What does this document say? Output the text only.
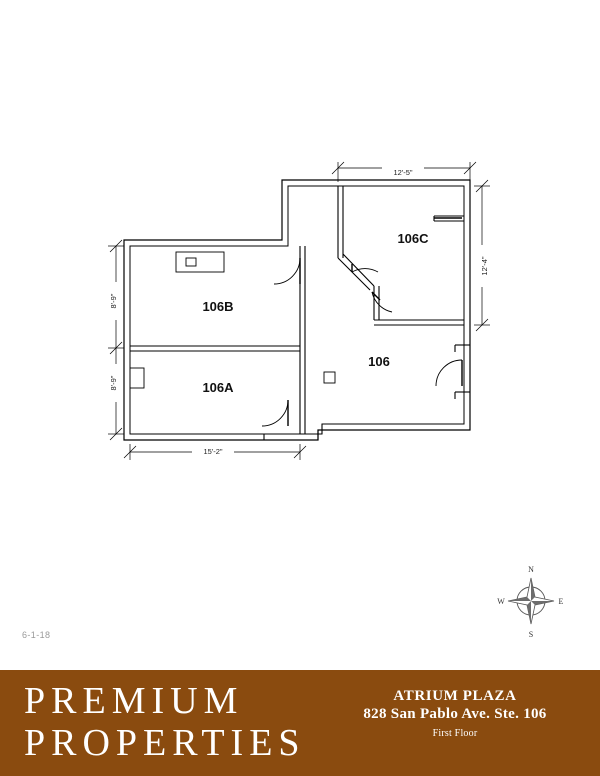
12'-5"
12'-4"
8'-9"
8'-9"
15'-2"
106C
106B
106A
106
N
S
E
W
6-1-18
PREMIUM
PROPERTIES
ATRIUM PLAZA
828 San Pablo Ave. Ste. 106
First Floor
